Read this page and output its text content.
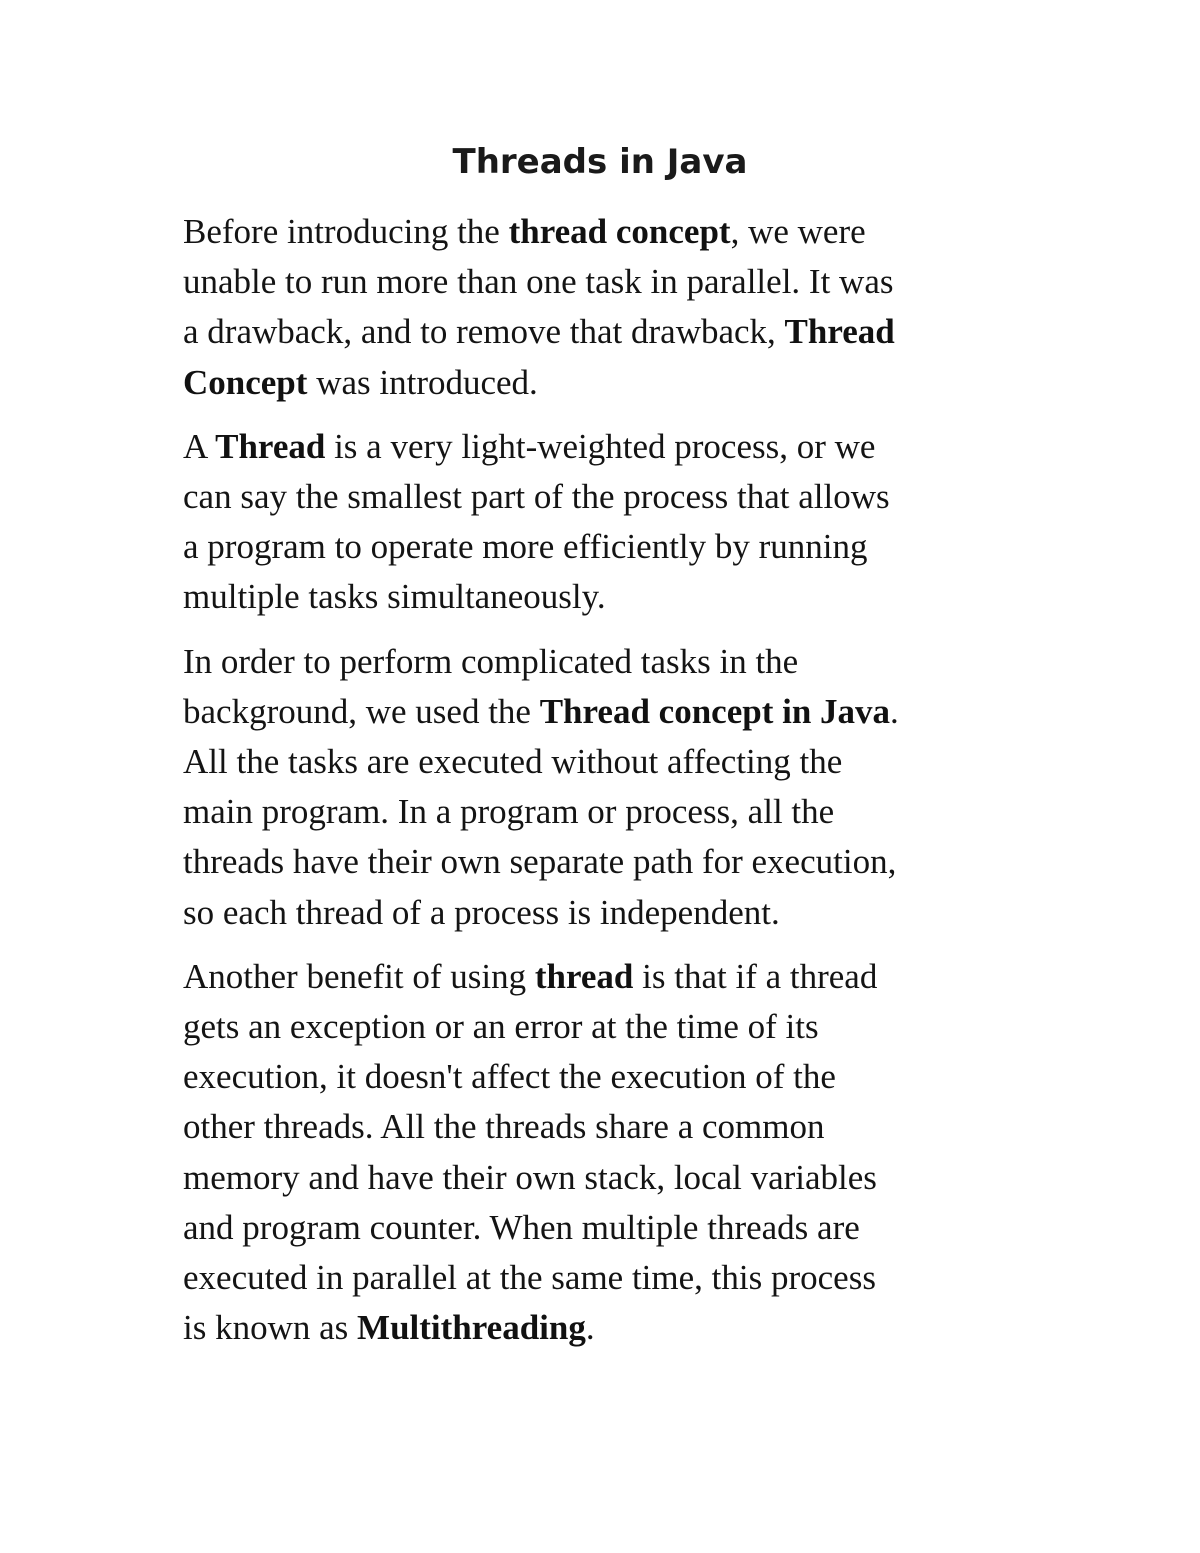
Threads in Java

Before introducing the thread concept, we were
unable to run more than one task in parallel. It was
a drawback, and to remove that drawback, Thread
Concept was introduced.

A Thread is a very light-weighted process, or we
can say the smallest part of the process that allows
a program to operate more efficiently by running
multiple tasks simultaneously.

In order to perform complicated tasks in the
background, we used the Thread concept in Java.
All the tasks are executed without affecting the
main program. In a program or process, all the
threads have their own separate path for execution,
so each thread of a process is independent.

Another benefit of using thread is that if a thread
gets an exception or an error at the time of its
execution, it doesn't affect the execution of the
other threads. All the threads share a common
memory and have their own stack, local variables
and program counter. When multiple threads are
executed in parallel at the same time, this process
is known as Multithreading.
